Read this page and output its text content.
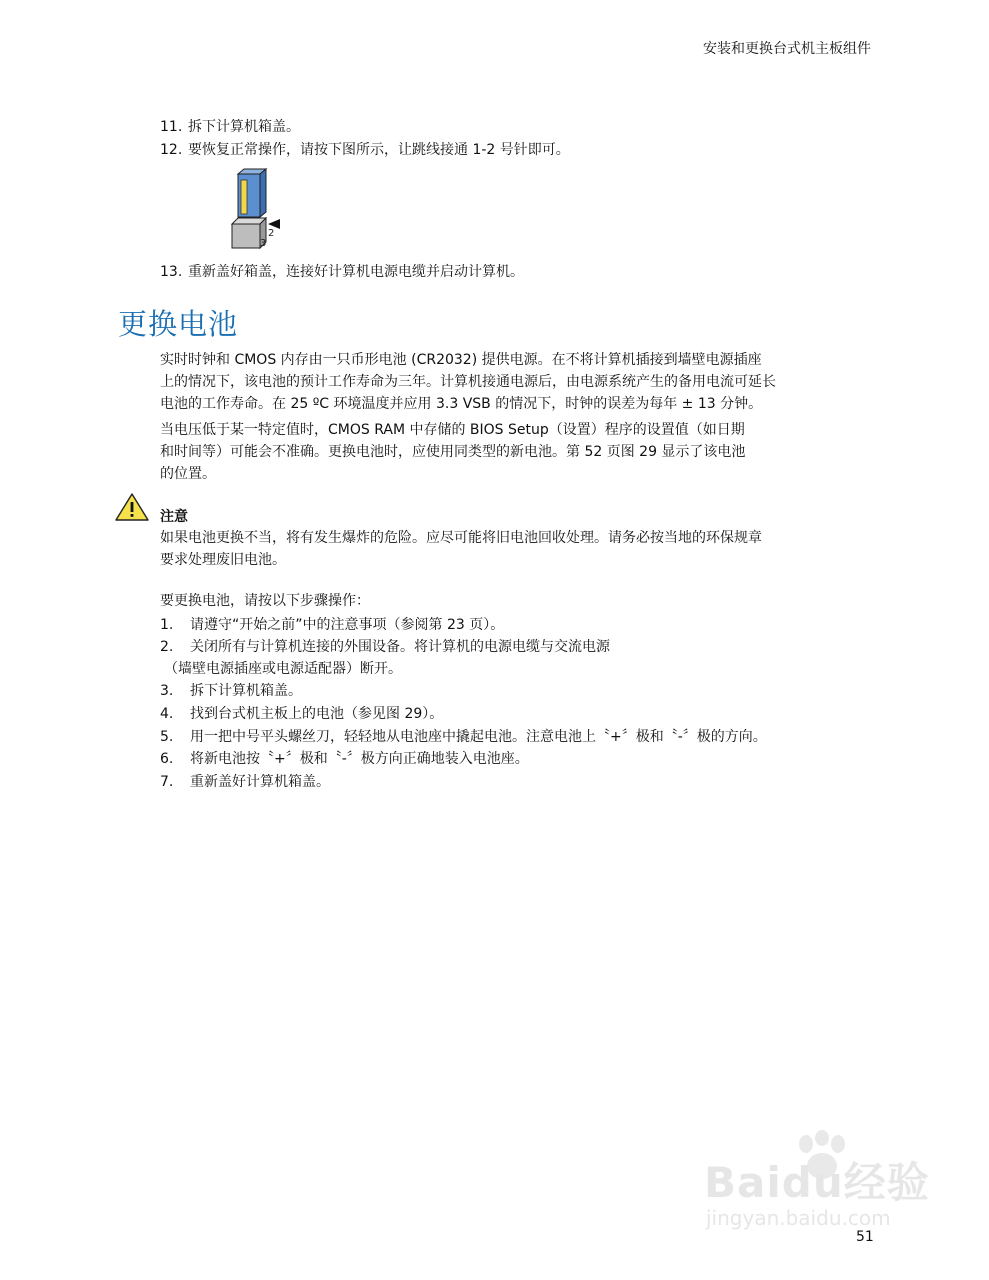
安装和更换台式机主板组件
11. 拆下计算机箱盖。
12. 要恢复正常操作，请按下图所示，让跳线接通 1-2 号针即可。
2
3
13. 重新盖好箱盖，连接好计算机电源电缆并启动计算机。
更换电池
实时时钟和 CMOS 内存由一只币形电池 (CR2032) 提供电源。在不将计算机插接到墙壁电源插座
上的情况下，该电池的预计工作寿命为三年。计算机接通电源后，由电源系统产生的备用电流可延长
电池的工作寿命。在 25 ºC 环境温度并应用 3.3 VSB 的情况下，时钟的误差为每年 ± 13 分钟。
当电压低于某一特定值时，CMOS RAM 中存储的 BIOS Setup（设置）程序的设置值（如日期
和时间等）可能会不准确。更换电池时，应使用同类型的新电池。第 52 页图 29 显示了该电池
的位置。
注意
如果电池更换不当，将有发生爆炸的危险。应尽可能将旧电池回收处理。请务必按当地的环保规章
要求处理废旧电池。
要更换电池，请按以下步骤操作：
1. 请遵守“开始之前”中的注意事项（参阅第 23 页）。
2. 关闭所有与计算机连接的外围设备。将计算机的电源电缆与交流电源
（墙壁电源插座或电源适配器）断开。
3. 拆下计算机箱盖。
4. 找到台式机主板上的电池（参见图 29）。
5. 用一把中号平头螺丝刀，轻轻地从电池座中撬起电池。注意电池上〝+〞极和〝-〞极的方向。
6. 将新电池按〝+〞极和〝-〞极方向正确地装入电池座。
7. 重新盖好计算机箱盖。
Baidu经验
jingyan.baidu.com
51
